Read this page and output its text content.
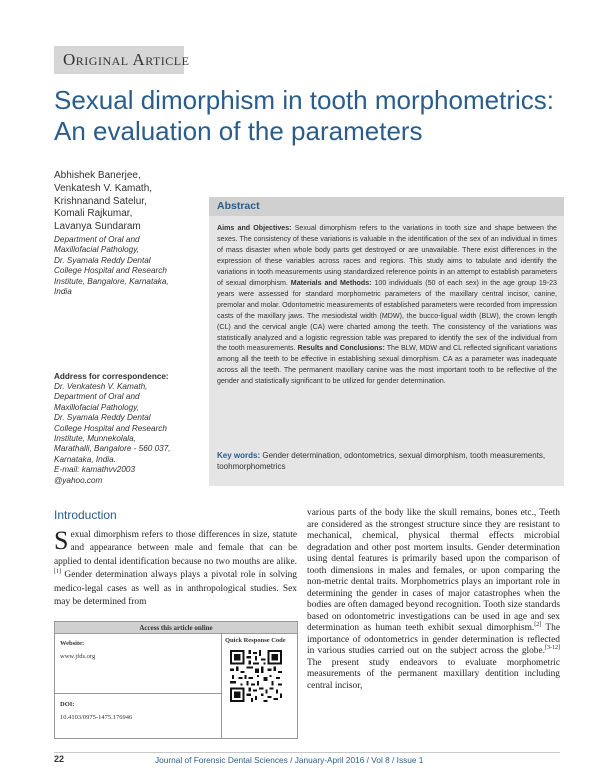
Original Article
Sexual dimorphism in tooth morphometrics:
An evaluation of the parameters
Abhishek Banerjee,
Venkatesh V. Kamath,
Krishnanand Satelur,
Komali Rajkumar,
Lavanya Sundaram
Department of Oral and
Maxillofacial Pathology,
Dr. Syamala Reddy Dental
College Hospital and Research
Institute, Bangalore, Karnataka,
India
Address for correspondence:
Dr. Venkatesh V. Kamath,
Department of Oral and
Maxillofacial Pathology,
Dr. Syamala Reddy Dental
College Hospital and Research
Institute, Munnekolala,
Marathalli, Bangalore - 560 037,
Karnataka, India.
E-mail: kamathvv2003
@yahoo.com
Abstract
Aims and Objectives: Sexual dimorphism refers to the variations in tooth size and shape between the sexes. The consistency of these variations is valuable in the identification of the sex of an individual in times of mass disaster when whole body parts get destroyed or are unavailable. There exist differences in the expression of these variables across races and regions. This study aims to tabulate and identify the variations in tooth measurements using standardized reference points in an attempt to establish parameters of sexual dimorphism. Materials and Methods: 100 individuals (50 of each sex) in the age group 19-23 years were assessed for standard morphometric parameters of the maxillary central incisor, canine, premolar and molar. Odontometric measurements of established parameters were recorded from impression casts of the maxillary jaws. The mesiodistal width (MDW), the bucco-ligual width (BLW), the crown length (CL) and the cervical angle (CA) were charted among the teeth. The consistency of the variations was statistically analyzed and a logistic regression table was prepared to identify the sex of the individual from the tooth measurements. Results and Conclusions: The BLW, MDW and CL reflected significant variations among all the teeth to be effective in establishing sexual dimorphism. CA as a parameter was inadequate across all the teeth. The permanent maxillary canine was the most important tooth to be reflective of the gender and statistically significant to be utilized for gender determination.
Key words: Gender determination, odontometrics, sexual dimorphism, tooth measurements, toohmorphometrics
Introduction
Sexual dimorphism refers to those differences in size, statute and appearance between male and female that can be applied to dental identification because no two mouths are alike.[1] Gender determination always plays a pivotal role in solving medico-legal cases as well as in anthropological studies. Sex may be determined from
various parts of the body like the skull remains, bones etc., Teeth are considered as the strongest structure since they are resistant to mechanical, chemical, physical thermal effects microbial degradation and other post mortem insults. Gender determination using dental features is primarily based upon the comparison of tooth dimensions in males and females, or upon comparing the non-metric dental traits. Morphometrics plays an important role in determining the gender in cases of major catastrophes when the bodies are often damaged beyond recognition. Tooth size standards based on odontometric investigations can be used in age and sex determination as human teeth exhibit sexual dimorphism.[2] The importance of odontometrics in gender determination is reflected in various studies carried out on the subject across the globe.[3-12] The present study endeavors to evaluate morphometric measurements of the permanent maxillary dentition including central incisor,
Access this article online
Website:
www.jfds.org
DOI:
10.4103/0975-1475.176946
Quick Response Code
22	Journal of Forensic Dental Sciences / January-April 2016 / Vol 8 / Issue 1
